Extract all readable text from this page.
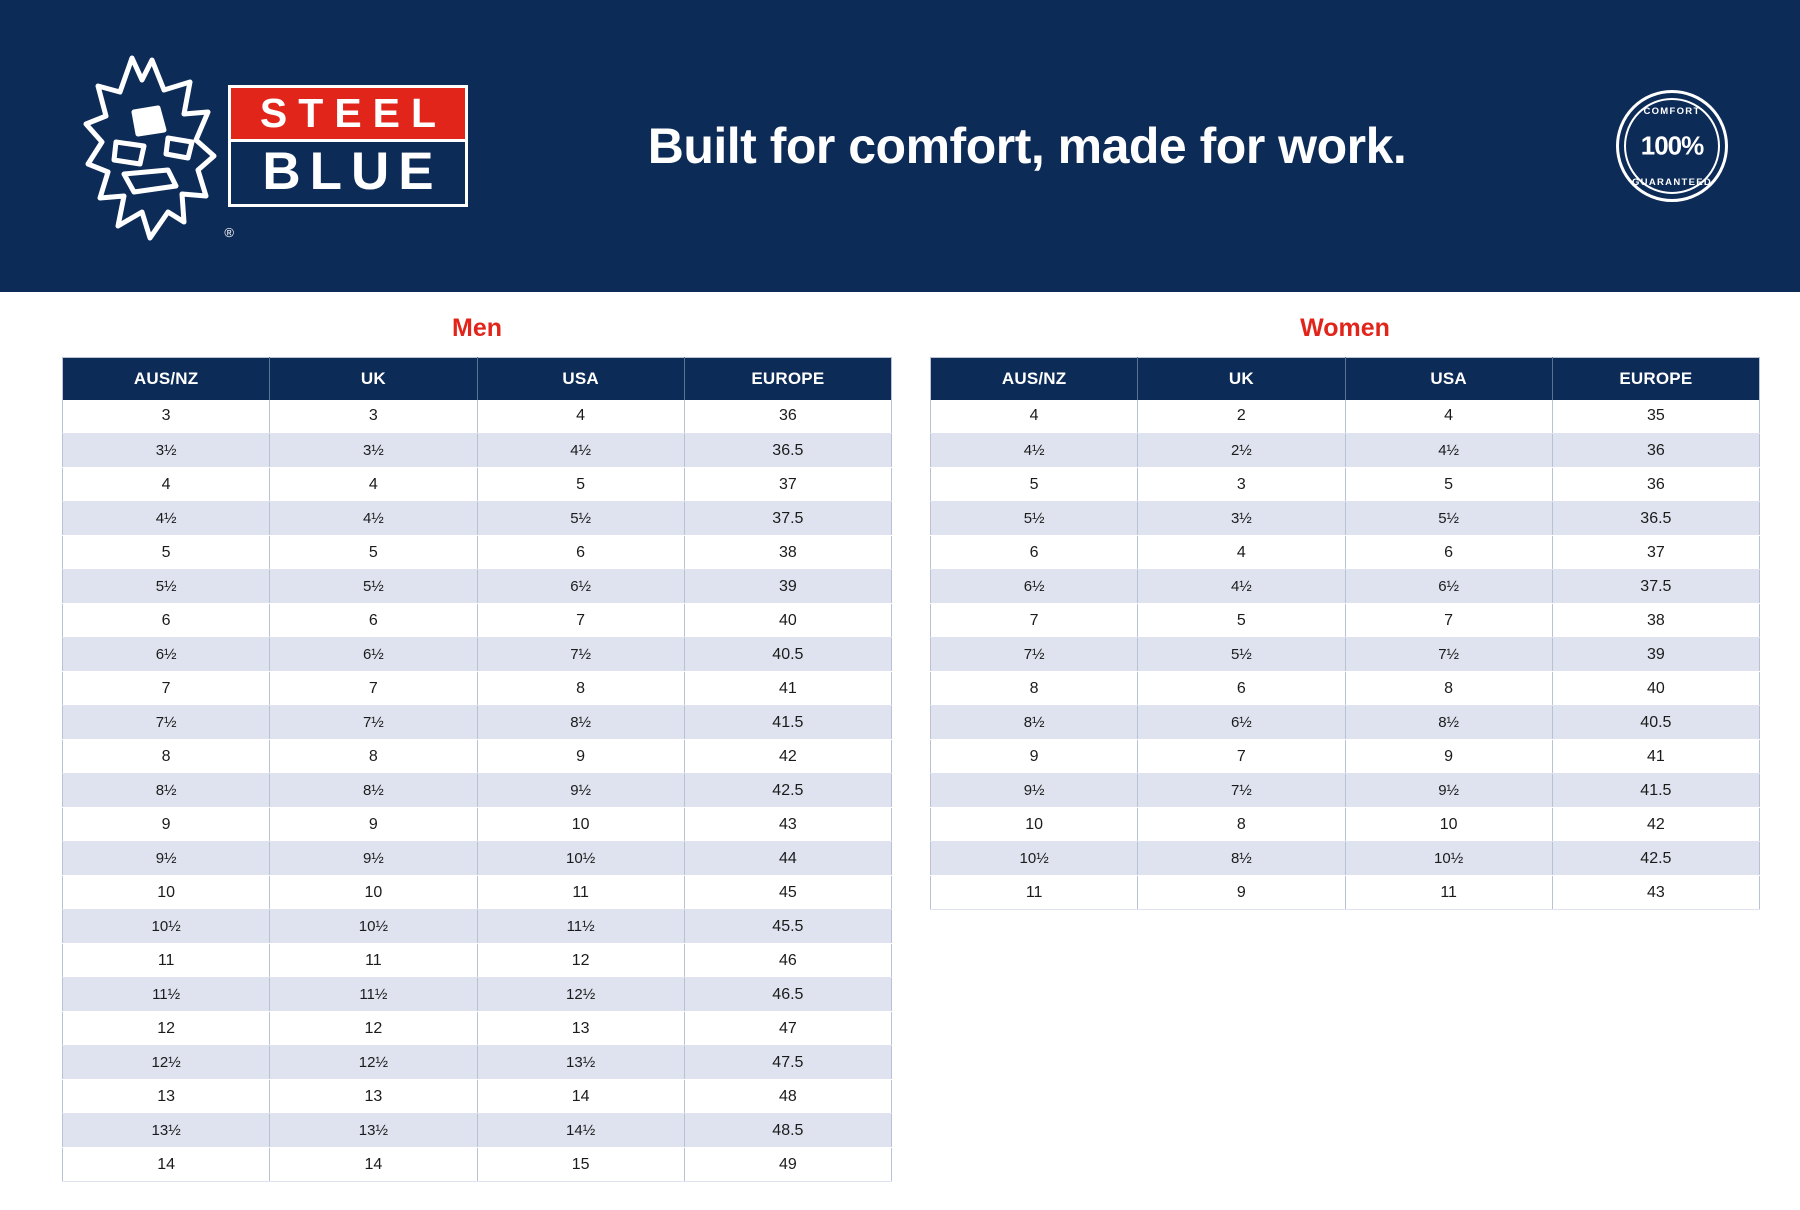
®
STEEL
BLUE	Built for comfort, made for work.
COMFORT
100%
GUARANTEED
Men
AUS/NZ	UK	USA	EUROPE
3	3	4	36
3½	3½	4½	36.5
4	4	5	37
4½	4½	5½	37.5
5	5	6	38
5½	5½	6½	39
6	6	7	40
6½	6½	7½	40.5
7	7	8	41
7½	7½	8½	41.5
8	8	9	42
8½	8½	9½	42.5
9	9	10	43
9½	9½	10½	44
10	10	11	45
10½	10½	11½	45.5
11	11	12	46
11½	11½	12½	46.5
12	12	13	47
12½	12½	13½	47.5
13	13	14	48
13½	13½	14½	48.5
14	14	15	49
Women
AUS/NZ	UK	USA	EUROPE
4	2	4	35
4½	2½	4½	36
5	3	5	36
5½	3½	5½	36.5
6	4	6	37
6½	4½	6½	37.5
7	5	7	38
7½	5½	7½	39
8	6	8	40
8½	6½	8½	40.5
9	7	9	41
9½	7½	9½	41.5
10	8	10	42
10½	8½	10½	42.5
11	9	11	43
